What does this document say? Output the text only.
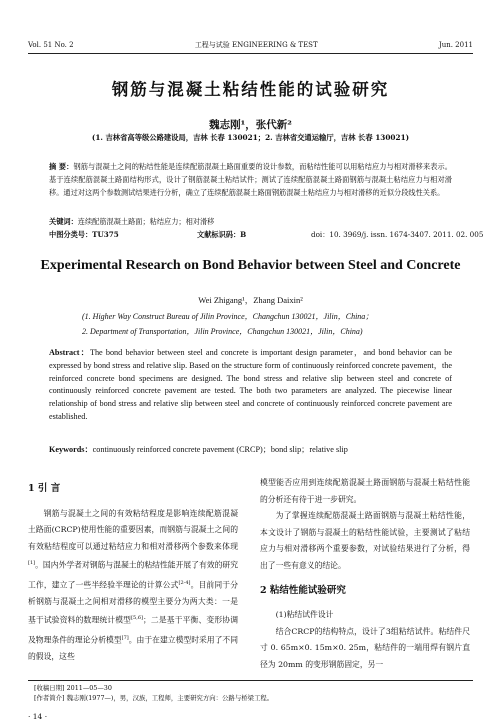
Vol. 51 No. 2	工程与试验 ENGINEERING & TEST	Jun. 2011
钢筋与混凝土粘结性能的试验研究
魏志刚¹，张代新²
(1. 吉林省高等级公路建设局，吉林 长春 130021；2. 吉林省交通运输厅，吉林 长春 130021)
摘 要：钢筋与混凝土之间的粘结性能是连续配筋混凝土路面重要的设计参数，而粘结性能可以用粘结应力与相对滑移来表示。基于连续配筋混凝土路面结构形式，设计了钢筋混凝土粘结试件；测试了连续配筋混凝土路面钢筋与混凝土粘结应力与相对滑移。通过对这两个参数测试结果进行分析，确立了连续配筋混凝土路面钢筋混凝土粘结应力与相对滑移的近似分段线性关系。
关键词：连续配筋混凝土路面；粘结应力；相对滑移
中图分类号：TU375	文献标识码：B	doi：10. 3969/j. issn. 1674-3407. 2011. 02. 005
Experimental Research on Bond Behavior between Steel and Concrete
Wei Zhigang¹，Zhang Daixin²
(1. Higher Way Construct Bureau of Jilin Province，Changchun 130021，Jilin，China；
2. Department of Transportation，Jilin Province，Changchun 130021，Jilin，China)
Abstract：The bond behavior between steel and concrete is important design parameter，and bond behavior can be expressed by bond stress and relative slip. Based on the structure form of continuously reinforced concrete pavement，the reinforced concrete bond specimens are designed. The bond stress and relative slip between steel and concrete of continuously reinforced concrete pavement are tested. The both two parameters are analyzed. The piecewise linear relationship of bond stress and relative slip between steel and concrete of continuously reinforced concrete pavement are established.
Keywords：continuously reinforced concrete pavement (CRCP)；bond slip；relative slip

1 引 言

钢筋与混凝土之间的有效粘结程度是影响连续配筋混凝土路面(CRCP)使用性能的重要因素，而钢筋与混凝土之间的有效粘结程度可以通过粘结应力和相对滑移两个参数来体现[1]。国内外学者对钢筋与混凝土的粘结性能开展了有效的研究工作，建立了一些半经验半理论的计算公式[2-4]。目前同于分析钢筋与混凝土之间相对滑移的模型主要分为两大类：一是基于试验资料的数理统计模型[5,6]；二是基于平衡、变形协调及物理条件的理论分析模型[7]。由于在建立模型时采用了不同的假设，这些

模型能否应用到连续配筋混凝土路面钢筋与混凝土粘结性能的分析还有待于进一步研究。

为了掌握连续配筋混凝土路面钢筋与混凝土粘结性能，本文设计了钢筋与混凝土的粘结性能试验，主要测试了粘结应力与相对滑移两个重要参数，对试验结果进行了分析，得出了一些有意义的结论。

2 粘结性能试验研究

(1)粘结试件设计

结合CRCP的结构特点，设计了3组粘结试件。粘结件尺寸 0. 65m×0. 15m×0. 25m，粘结件的一端用焊有钢片直径为 20mm 的变形钢筋固定，另一

[收稿日期] 2011—05—30
[作者简介] 魏志刚(1977—)，男，汉族，工程师，主要研究方向：公路与桥梁工程。
· 14 ·
